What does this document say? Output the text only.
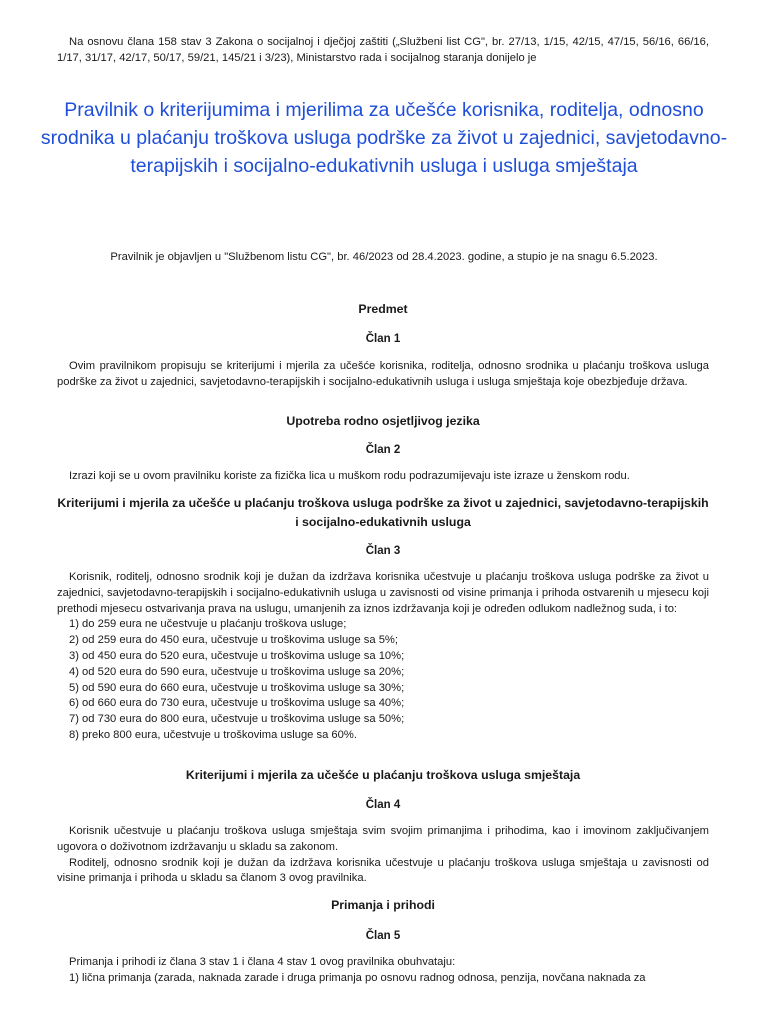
Na osnovu člana 158 stav 3 Zakona o socijalnoj i dječjoj zaštiti („Službeni list CG", br. 27/13, 1/15, 42/15, 47/15, 56/16, 66/16, 1/17, 31/17, 42/17, 50/17, 59/21, 145/21 i 3/23), Ministarstvo rada i socijalnog staranja donijelo je
Pravilnik o kriterijumima i mjerilima za učešće korisnika, roditelja, odnosno srodnika u plaćanju troškova usluga podrške za život u zajednici, savjetodavno-terapijskih i socijalno-edukativnih usluga i usluga smještaja
Pravilnik je objavljen u "Službenom listu CG", br. 46/2023 od 28.4.2023. godine, a stupio je na snagu 6.5.2023.
Predmet
Član 1
Ovim pravilnikom propisuju se kriterijumi i mjerila za učešće korisnika, roditelja, odnosno srodnika u plaćanju troškova usluga podrške za život u zajednici, savjetodavno-terapijskih i socijalno-edukativnih usluga i usluga smještaja koje obezbjeđuje država.
Upotreba rodno osjetljivog jezika
Član 2
Izrazi koji se u ovom pravilniku koriste za fizička lica u muškom rodu podrazumijevaju iste izraze u ženskom rodu.
Kriterijumi i mjerila za učešće u plaćanju troškova usluga podrške za život u zajednici, savjetodavno-terapijskih i socijalno-edukativnih usluga
Član 3
Korisnik, roditelj, odnosno srodnik koji je dužan da izdržava korisnika učestvuje u plaćanju troškova usluga podrške za život u zajednici, savjetodavno-terapijskih i socijalno-edukativnih usluga u zavisnosti od visine primanja i prihoda ostvarenih u mjesecu koji prethodi mjesecu ostvarivanja prava na uslugu, umanjenih za iznos izdržavanja koji je određen odlukom nadležnog suda, i to:
1) do 259 eura ne učestvuje u plaćanju troškova usluge;
2) od 259 eura do 450 eura, učestvuje u troškovima usluge sa 5%;
3) od 450 eura do 520 eura, učestvuje u troškovima usluge sa 10%;
4) od 520 eura do 590 eura, učestvuje u troškovima usluge sa 20%;
5) od 590 eura do 660 eura, učestvuje u troškovima usluge sa 30%;
6) od 660 eura do 730 eura, učestvuje u troškovima usluge sa 40%;
7) od 730 eura do 800 eura, učestvuje u troškovima usluge sa 50%;
8) preko 800 eura, učestvuje u troškovima usluge sa 60%.
Kriterijumi i mjerila za učešće u plaćanju troškova usluga smještaja
Član 4
Korisnik učestvuje u plaćanju troškova usluga smještaja svim svojim primanjima i prihodima, kao i imovinom zaključivanjem ugovora o doživotnom izdržavanju u skladu sa zakonom.
Roditelj, odnosno srodnik koji je dužan da izdržava korisnika učestvuje u plaćanju troškova usluga smještaja u zavisnosti od visine primanja i prihoda u skladu sa članom 3 ovog pravilnika.
Primanja i prihodi
Član 5
Primanja i prihodi iz člana 3 stav 1 i člana 4 stav 1 ovog pravilnika obuhvataju:
1) lična primanja (zarada, naknada zarade i druga primanja po osnovu radnog odnosa, penzija, novčana naknada za
